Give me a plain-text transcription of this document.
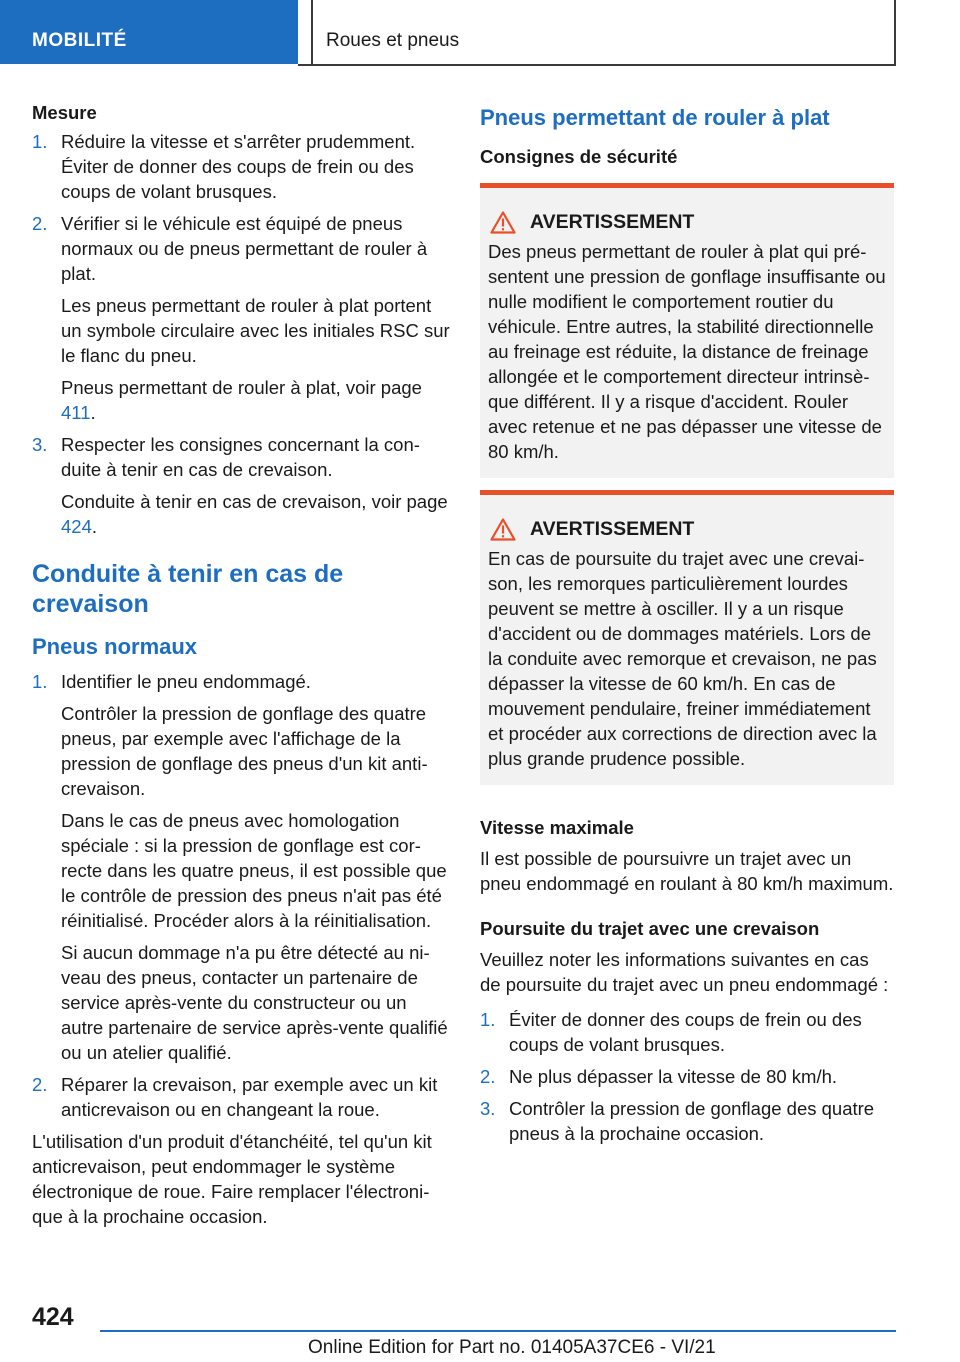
MOBILITÉ	Roues et pneus
Mesure
1. Réduire la vitesse et s'arrêter prudemment. Éviter de donner des coups de frein ou des coups de volant brusques.

2. Vérifier si le véhicule est équipé de pneus normaux ou de pneus permettant de rouler à plat.

Les pneus permettant de rouler à plat portent un symbole circulaire avec les initiales RSC sur le flanc du pneu.

Pneus permettant de rouler à plat, voir page 411.

3. Respecter les consignes concernant la conduite à tenir en cas de crevaison.

Conduite à tenir en cas de crevaison, voir page 424.

Conduite à tenir en cas de crevaison
Pneus normaux
1. Identifier le pneu endommagé.

Contrôler la pression de gonflage des quatre pneus, par exemple avec l'affichage de la pression de gonflage des pneus d'un kit anticrevaison.

Dans le cas de pneus avec homologation spéciale : si la pression de gonflage est correcte dans les quatre pneus, il est possible que le contrôle de pression des pneus n'ait pas été réinitialisé. Procéder alors à la réinitialisation.

Si aucun dommage n'a pu être détecté au niveau des pneus, contacter un partenaire de service après-vente du constructeur ou un autre partenaire de service après-vente qualifié ou un atelier qualifié.

2. Réparer la crevaison, par exemple avec un kit anticrevaison ou en changeant la roue.

L'utilisation d'un produit d'étanchéité, tel qu'un kit anticrevaison, peut endommager le système électronique de roue. Faire remplacer l'électronique à la prochaine occasion.

Pneus permettant de rouler à plat
Consignes de sécurité
AVERTISSEMENT

Des pneus permettant de rouler à plat qui présentent une pression de gonflage insuffisante ou nulle modifient le comportement routier du véhicule. Entre autres, la stabilité directionnelle au freinage est réduite, la distance de freinage allongée et le comportement directeur intrinsèque différent. Il y a risque d'accident. Rouler avec retenue et ne pas dépasser une vitesse de 80 km/h.

AVERTISSEMENT

En cas de poursuite du trajet avec une crevaison, les remorques particulièrement lourdes peuvent se mettre à osciller. Il y a un risque d'accident ou de dommages matériels. Lors de la conduite avec remorque et crevaison, ne pas dépasser la vitesse de 60 km/h. En cas de mouvement pendulaire, freiner immédiatement et procéder aux corrections de direction avec la plus grande prudence possible.

Vitesse maximale

Il est possible de poursuivre un trajet avec un pneu endommagé en roulant à 80 km/h maximum.

Poursuite du trajet avec une crevaison

Veuillez noter les informations suivantes en cas de poursuite du trajet avec un pneu endommagé :

1. Éviter de donner des coups de frein ou des coups de volant brusques.

2. Ne plus dépasser la vitesse de 80 km/h.

3. Contrôler la pression de gonflage des quatre pneus à la prochaine occasion.

424
Online Edition for Part no. 01405A37CE6 - VI/21
